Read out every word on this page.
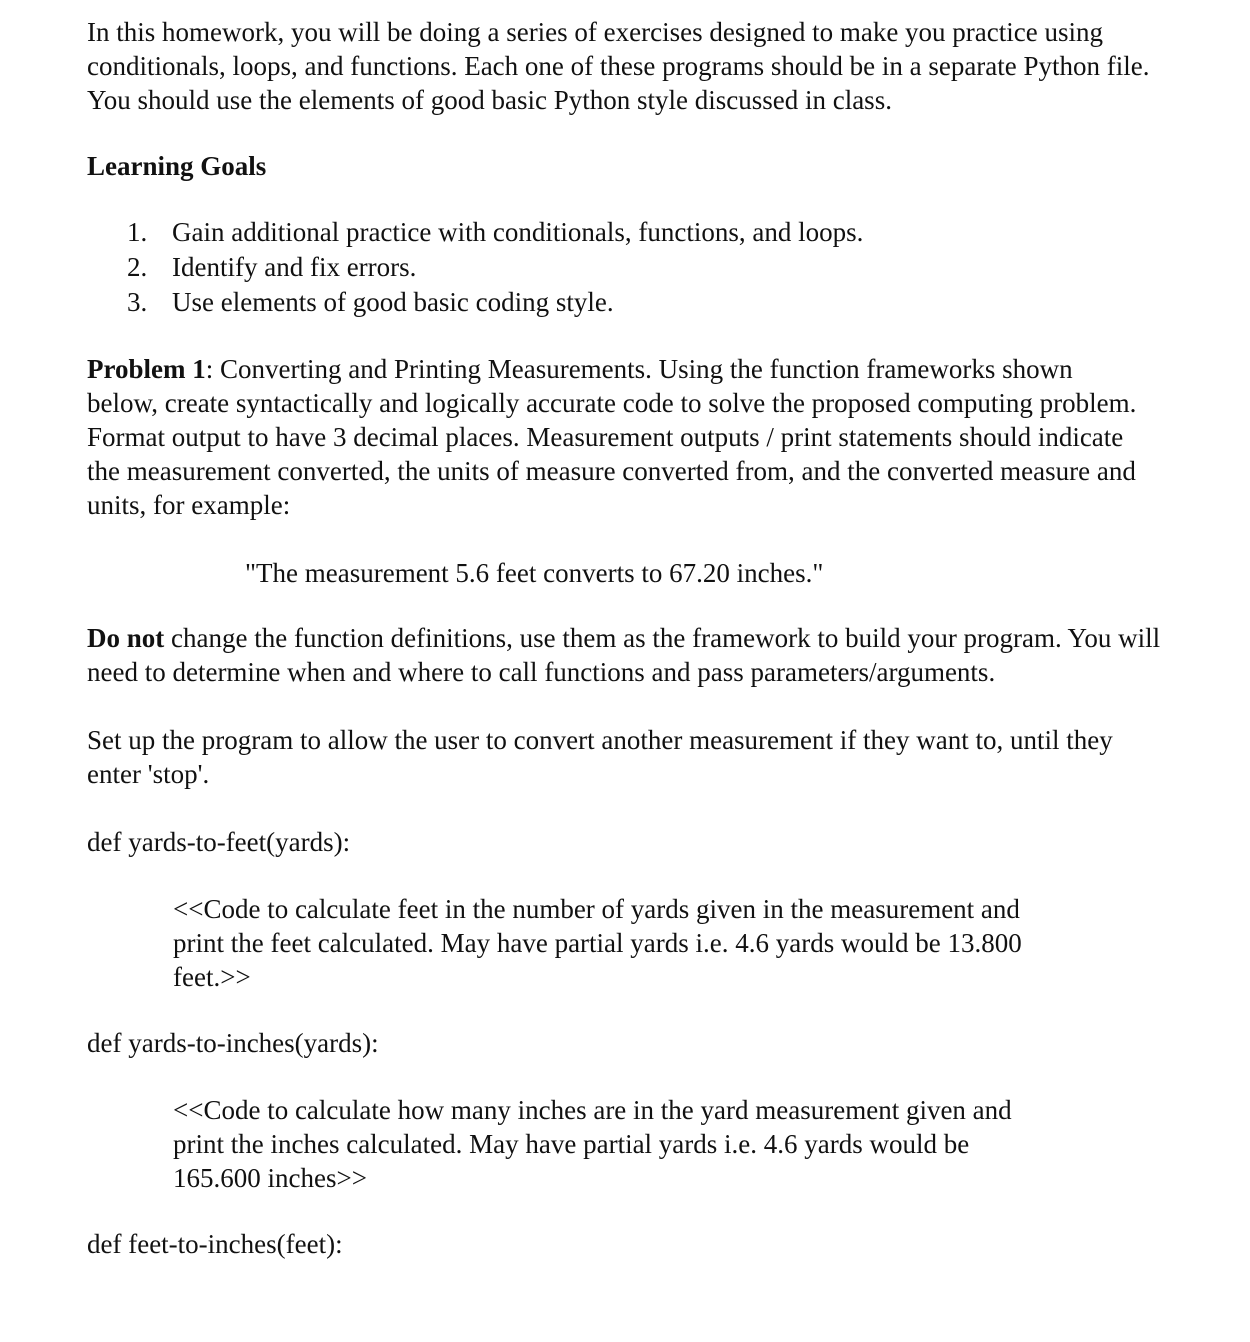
In this homework, you will be doing a series of exercises designed to make you practice using conditionals, loops, and functions. Each one of these programs should be in a separate Python file. You should use the elements of good basic Python style discussed in class.

Learning Goals

1. Gain additional practice with conditionals, functions, and loops.
2. Identify and fix errors.
3. Use elements of good basic coding style.

Problem 1: Converting and Printing Measurements. Using the function frameworks shown below, create syntactically and logically accurate code to solve the proposed computing problem. Format output to have 3 decimal places. Measurement outputs / print statements should indicate the measurement converted, the units of measure converted from, and the converted measure and units, for example:

"The measurement 5.6 feet converts to 67.20 inches."

Do not change the function definitions, use them as the framework to build your program. You will need to determine when and where to call functions and pass parameters/arguments.

Set up the program to allow the user to convert another measurement if they want to, until they enter 'stop'.

def yards-to-feet(yards):

<<Code to calculate feet in the number of yards given in the measurement and print the feet calculated. May have partial yards i.e. 4.6 yards would be 13.800 feet.>>

def yards-to-inches(yards):

<<Code to calculate how many inches are in the yard measurement given and print the inches calculated. May have partial yards i.e. 4.6 yards would be 165.600 inches>>

def feet-to-inches(feet):
